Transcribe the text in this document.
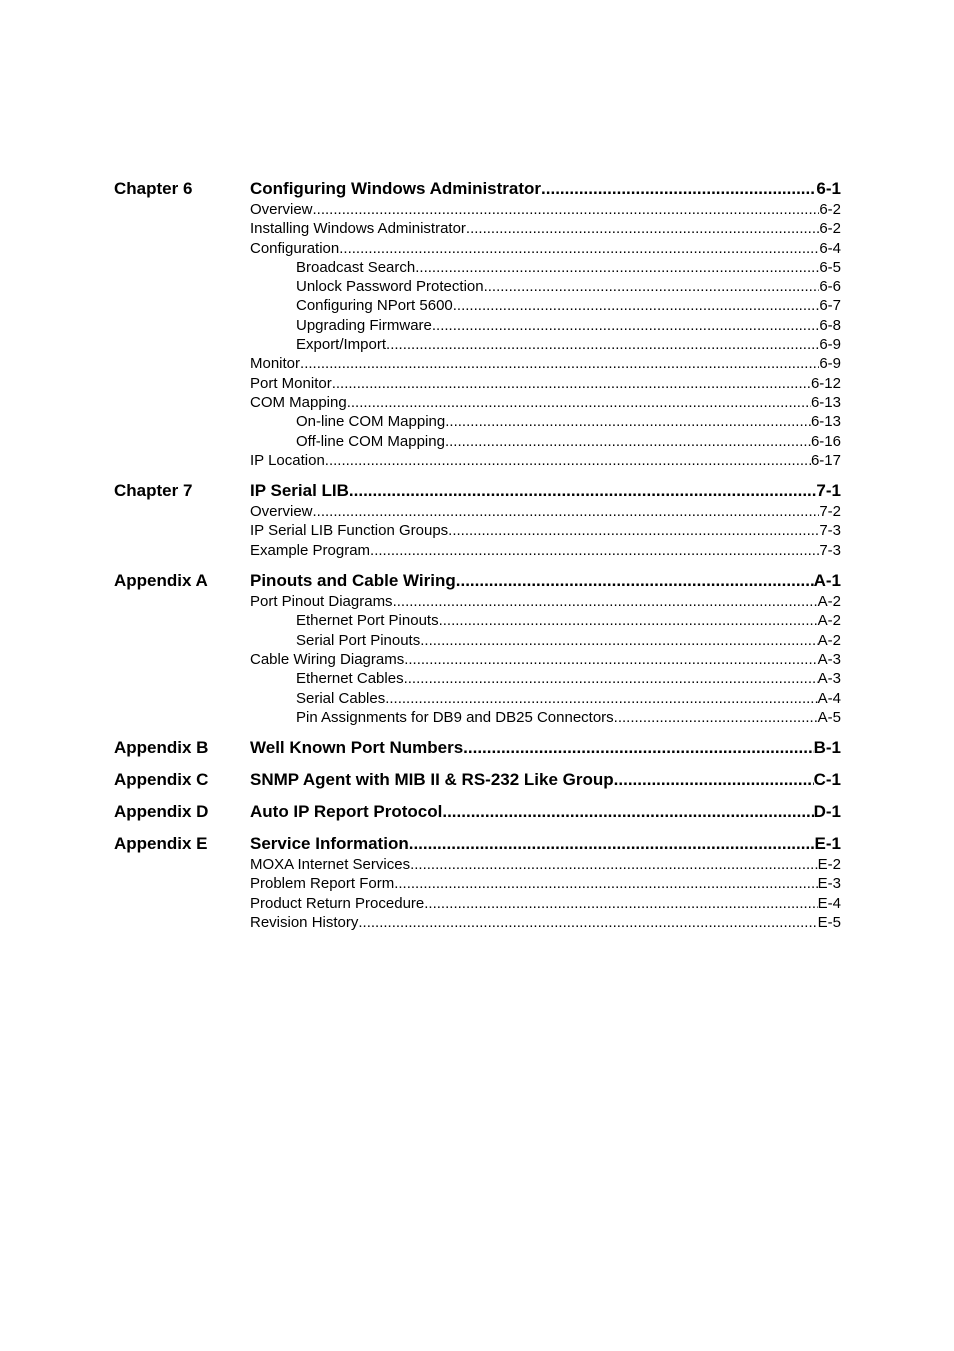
Chapter 6	Configuring Windows Administrator .....	6-1
Overview .....	6-2
Installing Windows Administrator .....	6-2
Configuration .....	6-4
Broadcast Search .....	6-5
Unlock Password Protection .....	6-6
Configuring NPort 5600 .....	6-7
Upgrading Firmware .....	6-8
Export/Import .....	6-9
Monitor .....	6-9
Port Monitor .....	6-12
COM Mapping .....	6-13
On-line COM Mapping .....	6-13
Off-line COM Mapping .....	6-16
IP Location .....	6-17
Chapter 7	IP Serial LIB .....	7-1
Overview .....	7-2
IP Serial LIB Function Groups .....	7-3
Example Program .....	7-3
Appendix A Pinouts and Cable Wiring .....	A-1
Port Pinout Diagrams .....	A-2
Ethernet Port Pinouts .....	A-2
Serial Port Pinouts .....	A-2
Cable Wiring Diagrams .....	A-3
Ethernet Cables .....	A-3
Serial Cables .....	A-4
Pin Assignments for DB9 and DB25 Connectors .....	A-5
Appendix B Well Known Port Numbers .....	B-1
Appendix C SNMP Agent with MIB II & RS-232 Like Group .....	C-1
Appendix D Auto IP Report Protocol .....	D-1
Appendix E Service Information .....	E-1
MOXA Internet Services .....	E-2
Problem Report Form .....	E-3
Product Return Procedure .....	E-4
Revision History .....	E-5
